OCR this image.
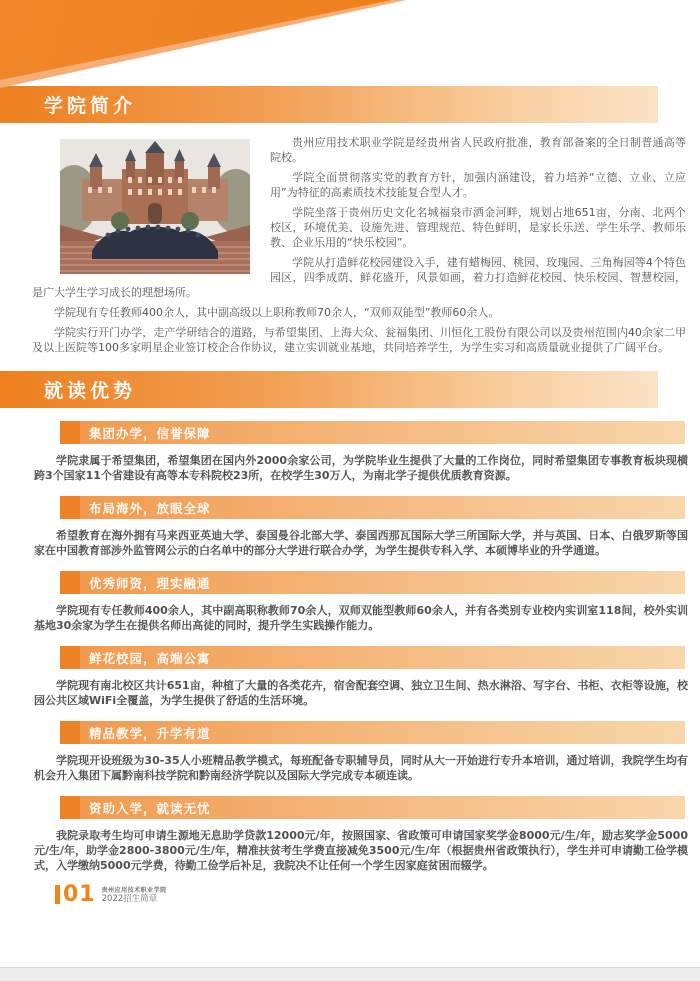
学院简介

贵州应用技术职业学院是经贵州省人民政府批准，教育部备案的全日制普通高等院校。

学院全面贯彻落实党的教育方针，加强内涵建设，着力培养“立德、立业、立应用”为特征的高素质技术技能复合型人才。

学院坐落于贵州历史文化名城福泉市洒金河畔，规划占地651亩，分南、北两个校区，环境优美、设施先进、管理规范、特色鲜明，是家长乐送、学生乐学、教师乐教、企业乐用的“快乐校园”。

学院从打造鲜花校园建设入手，建有蜡梅园、桃园、玫瑰园、三角梅园等4个特色园区，四季成荫、鲜花盛开，风景如画，着力打造鲜花校园、快乐校园、智慧校园，是广大学生学习成长的理想场所。

学院现有专任教师400余人，其中副高级以上职称教师70余人，“双师双能型”教师60余人。

学院实行开门办学，走产学研结合的道路，与希望集团、上海大众、瓮福集团、川恒化工股份有限公司以及贵州范围内40余家二甲及以上医院等100多家明星企业签订校企合作协议，建立实训就业基地，共同培养学生，为学生实习和高质量就业提供了广阔平台。

就读优势
集团办学，信誉保障
学院隶属于希望集团，希望集团在国内外2000余家公司，为学院毕业生提供了大量的工作岗位，同时希望集团专事教育板块现横跨3个国家11个省建设有高等本专科院校23所，在校学生30万人，为南北学子提供优质教育资源。
布局海外，放眼全球
希望教育在海外拥有马来西亚英迪大学、泰国曼谷北部大学、泰国西那瓦国际大学三所国际大学，并与英国、日本、白俄罗斯等国家在中国教育部涉外监管网公示的白名单中的部分大学进行联合办学，为学生提供专科入学、本硕博毕业的升学通道。
优秀师资，理实融通
学院现有专任教师400余人，其中副高职称教师70余人，双师双能型教师60余人，并有各类别专业校内实训室118间，校外实训基地30余家为学生在提供名师出高徒的同时，提升学生实践操作能力。
鲜花校园，高端公寓
学院现有南北校区共计651亩，种植了大量的各类花卉，宿舍配套空调、独立卫生间、热水淋浴、写字台、书柜、衣柜等设施，校园公共区域WiFi全覆盖，为学生提供了舒适的生活环境。
精品教学，升学有道
学院现开设班级为30-35人小班精品教学模式，每班配备专职辅导员，同时从大一开始进行专升本培训，通过培训，我院学生均有机会升入集团下属黔南科技学院和黔南经济学院以及国际大学完成专本硕连读。
资助入学，就读无忧
我院录取考生均可申请生源地无息助学贷款12000元/年，按照国家、省政策可申请国家奖学金8000元/生/年，励志奖学金5000元/生/年，助学金2800-3800元/生/年，精准扶贫考生学费直接减免3500元/生/年（根据贵州省政策执行），学生并可申请勤工俭学模式，入学缴纳5000元学费，待勤工俭学后补足，我院决不让任何一个学生因家庭贫困而辍学。
01 贵州应用技术职业学院
2022招生简章
